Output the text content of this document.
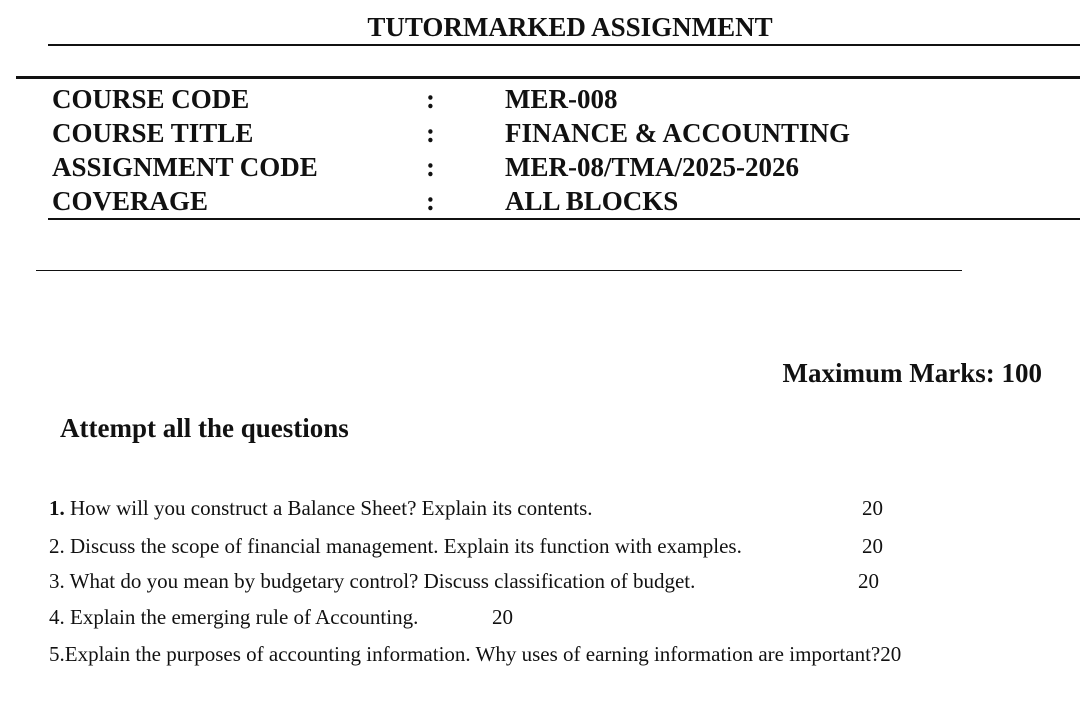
TUTORMARKED ASSIGNMENT
COURSE CODE	:	MER-008
COURSE TITLE	:	FINANCE & ACCOUNTING
ASSIGNMENT CODE	:	MER-08/TMA/2025-2026
COVERAGE	:	ALL BLOCKS
Maximum Marks: 100
Attempt all the questions
1. How will you construct a Balance Sheet? Explain its contents.	20
2. Discuss the scope of financial management. Explain its function with examples.	20
3. What do you mean by budgetary control? Discuss classification of budget.	20
4. Explain the emerging rule of Accounting.	20
5.Explain the purposes of accounting information. Why uses of earning information are important?20
